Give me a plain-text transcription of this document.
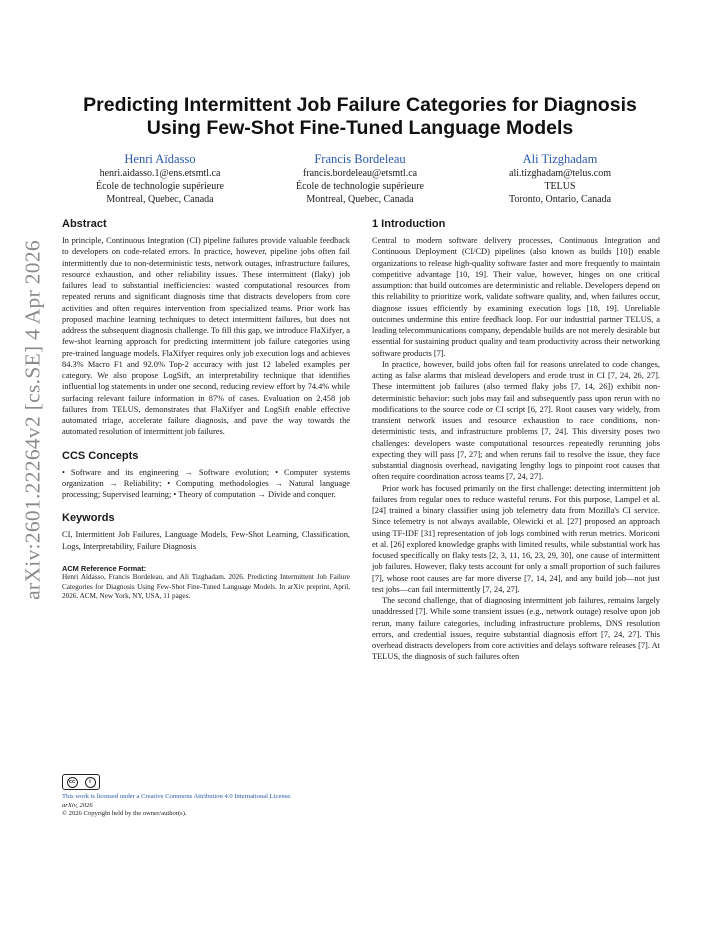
arXiv:2601.22264v2 [cs.SE] 4 Apr 2026
Predicting Intermittent Job Failure Categories for Diagnosis Using Few-Shot Fine-Tuned Language Models
Henri Aïdasso
henri.aidasso.1@ens.etsmtl.ca
École de technologie supérieure
Montreal, Quebec, Canada
Francis Bordeleau
francis.bordeleau@etsmtl.ca
École de technologie supérieure
Montreal, Quebec, Canada
Ali Tizghadam
ali.tizghadam@telus.com
TELUS
Toronto, Ontario, Canada
Abstract

In principle, Continuous Integration (CI) pipeline failures provide valuable feedback to developers on code-related errors. In practice, however, pipeline jobs often fail intermittently due to non-deterministic tests, network outages, infrastructure failures, resource exhaustion, and other reliability issues. These intermittent (flaky) job failures lead to substantial inefficiencies: wasted computational resources from repeated reruns and significant diagnosis time that distracts developers from core activities and often requires intervention from specialized teams. Prior work has proposed machine learning techniques to detect intermittent failures, but does not address the subsequent diagnosis challenge. To fill this gap, we introduce FlaXifyer, a few-shot learning approach for predicting intermittent job failure categories using pre-trained language models. FlaXifyer requires only job execution logs and achieves 84.3% Macro F1 and 92.0% Top-2 accuracy with just 12 labeled examples per category. We also propose LogSift, an interpretability technique that identifies influential log statements in under one second, reducing review effort by 74.4% while surfacing relevant failure information in 87% of cases. Evaluation on 2,458 job failures from TELUS, demonstrates that FlaXifyer and LogSift enable effective automated triage, accelerate failure diagnosis, and pave the way towards the automated resolution of intermittent job failures.

CCS Concepts

• Software and its engineering → Software evolution; • Computer systems organization → Reliability; • Computing methodologies → Natural language processing; Supervised learning; • Theory of computation → Divide and conquer.

Keywords

CI, Intermittent Job Failures, Language Models, Few-Shot Learning, Classification, Logs, Interpretability, Failure Diagnosis

ACM Reference Format:

Henri Aïdasso, Francis Bordeleau, and Ali Tizghadam. 2026. Predicting Intermittent Job Failure Categories for Diagnosis Using Few-Shot Fine-Tuned Language Models. In arXiv preprint, April, 2026. ACM, New York, NY, USA, 11 pages.

cc	i
This work is licensed under a Creative Commons Attribution 4.0 International License.
arXiv, 2026
© 2026 Copyright held by the owner/author(s).
1 Introduction

Central to modern software delivery processes, Continuous Integration and Continuous Deployment (CI/CD) pipelines (also known as builds [10]) enable organizations to release high-quality software faster and more frequently to maintain competitive advantage [10, 19]. Their value, however, hinges on one critical assumption: that build outcomes are deterministic and reliable. Developers depend on this reliability to prioritize work, validate software quality, and, when failures occur, diagnose issues efficiently by examining execution logs [18, 19]. Unreliable outcomes undermine this entire feedback loop. For our industrial partner TELUS, a leading telecommunications company, dependable builds are not merely desirable but essential for sustaining product quality and team productivity across their networking software products [7].

In practice, however, build jobs often fail for reasons unrelated to code changes, acting as false alarms that mislead developers and erode trust in CI [7, 24, 26, 27]. These intermittent job failures (also termed flaky jobs [7, 14, 26]) exhibit non-deterministic behavior: such jobs may fail and subsequently pass upon rerun with no modifications to the source code or CI script [6, 27]. Root causes vary widely, from transient network issues and resource exhaustion to race conditions, non-deterministic tests, and infrastructure problems [7, 24]. This diversity poses two challenges: developers waste computational resources repeatedly rerunning jobs expecting they will pass [7, 27]; and when reruns fail to resolve the issue, they face substantial diagnosis overhead, navigating lengthy logs to pinpoint root causes that often require coordination across teams [7, 24, 27].

Prior work has focused primarily on the first challenge: detecting intermittent job failures from regular ones to reduce wasteful reruns. For this purpose, Lampel et al. [24] trained a binary classifier using job telemetry data from Mozilla's CI service. Since telemetry is not always available, Olewicki et al. [27] proposed an approach using TF-IDF [31] representation of job logs combined with rerun metrics. Moriconi et al. [26] explored knowledge graphs with limited results, while substantial work has focused specifically on flaky tests [2, 3, 11, 16, 23, 29, 30], one cause of intermittent job failures. However, flaky tests account for only a small proportion of such failures [7], whose root causes are far more diverse [7, 14, 24], and any build job—not just test jobs—can fail intermittently [7, 24, 27].

The second challenge, that of diagnosing intermittent job failures, remains largely unaddressed [7]. While some transient issues (e.g., network outage) resolve upon job rerun, many failure categories, including infrastructure problems, DNS resolution errors, and credential issues, require substantial diagnosis effort [7, 24, 27]. This overhead distracts developers from core activities and delays software releases [7]. At TELUS, the diagnosis of such failures often
